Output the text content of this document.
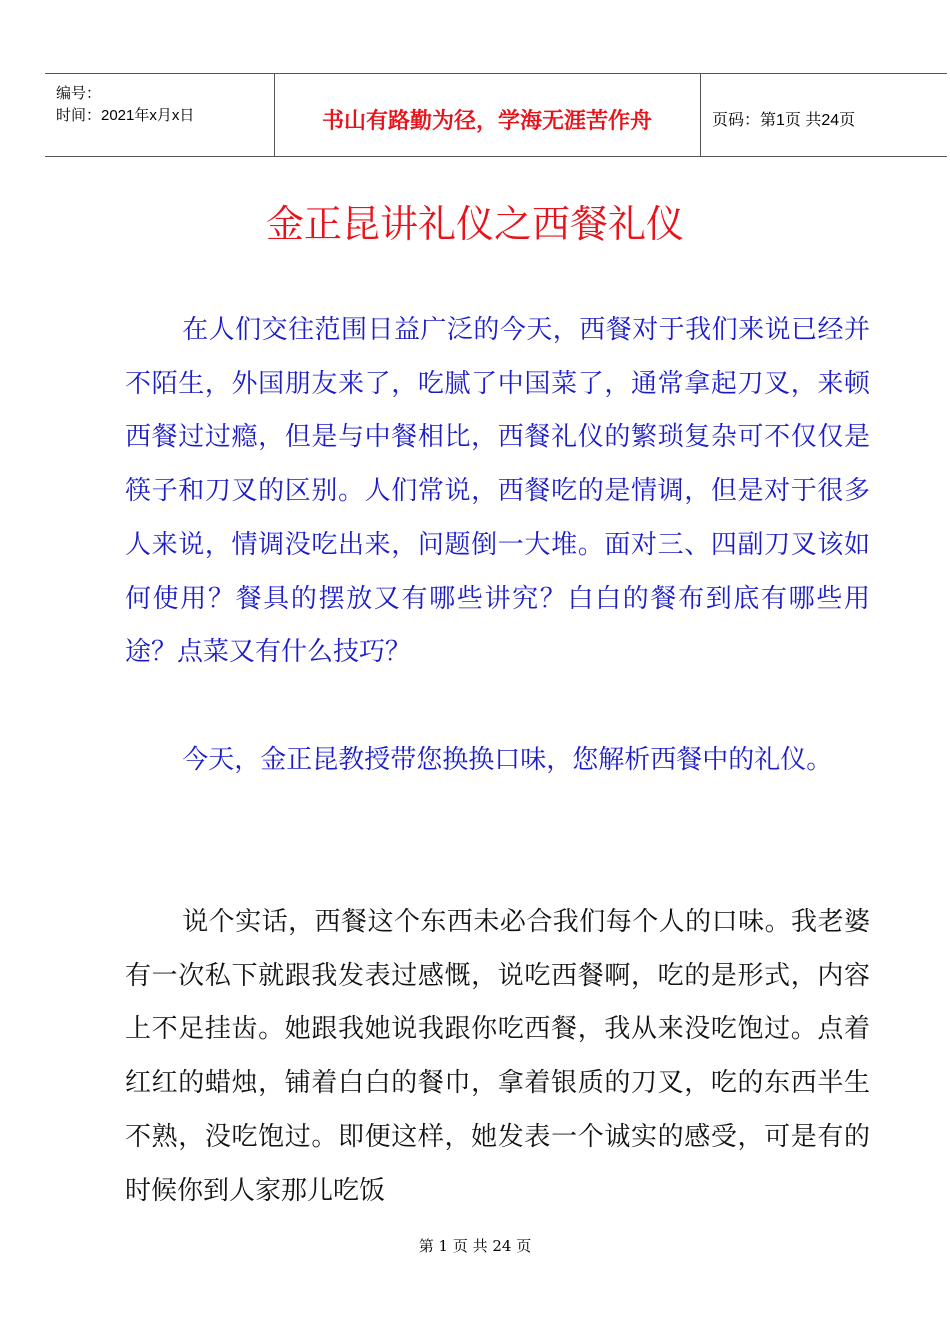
编号：
时间：2021年x月x日	书山有路勤为径，学海无涯苦作舟	页码：第1页 共24页
金正昆讲礼仪之西餐礼仪

在人们交往范围日益广泛的今天，西餐对于我们来说已经并不陌生，外国朋友来了，吃腻了中国菜了，通常拿起刀叉，来顿西餐过过瘾，但是与中餐相比，西餐礼仪的繁琐复杂可不仅仅是筷子和刀叉的区别。人们常说，西餐吃的是情调，但是对于很多人来说，情调没吃出来，问题倒一大堆。面对三、四副刀叉该如何使用？餐具的摆放又有哪些讲究？白白的餐布到底有哪些用途？点菜又有什么技巧？

今天，金正昆教授带您换换口味，您解析西餐中的礼仪。

说个实话，西餐这个东西未必合我们每个人的口味。我老婆有一次私下就跟我发表过感慨，说吃西餐啊，吃的是形式，内容上不足挂齿。她跟我她说我跟你吃西餐，我从来没吃饱过。点着红红的蜡烛，铺着白白的餐巾，拿着银质的刀叉，吃的东西半生不熟，没吃饱过。即便这样，她发表一个诚实的感受，可是有的时候你到人家那儿吃饭

第 1 页 共 24 页
